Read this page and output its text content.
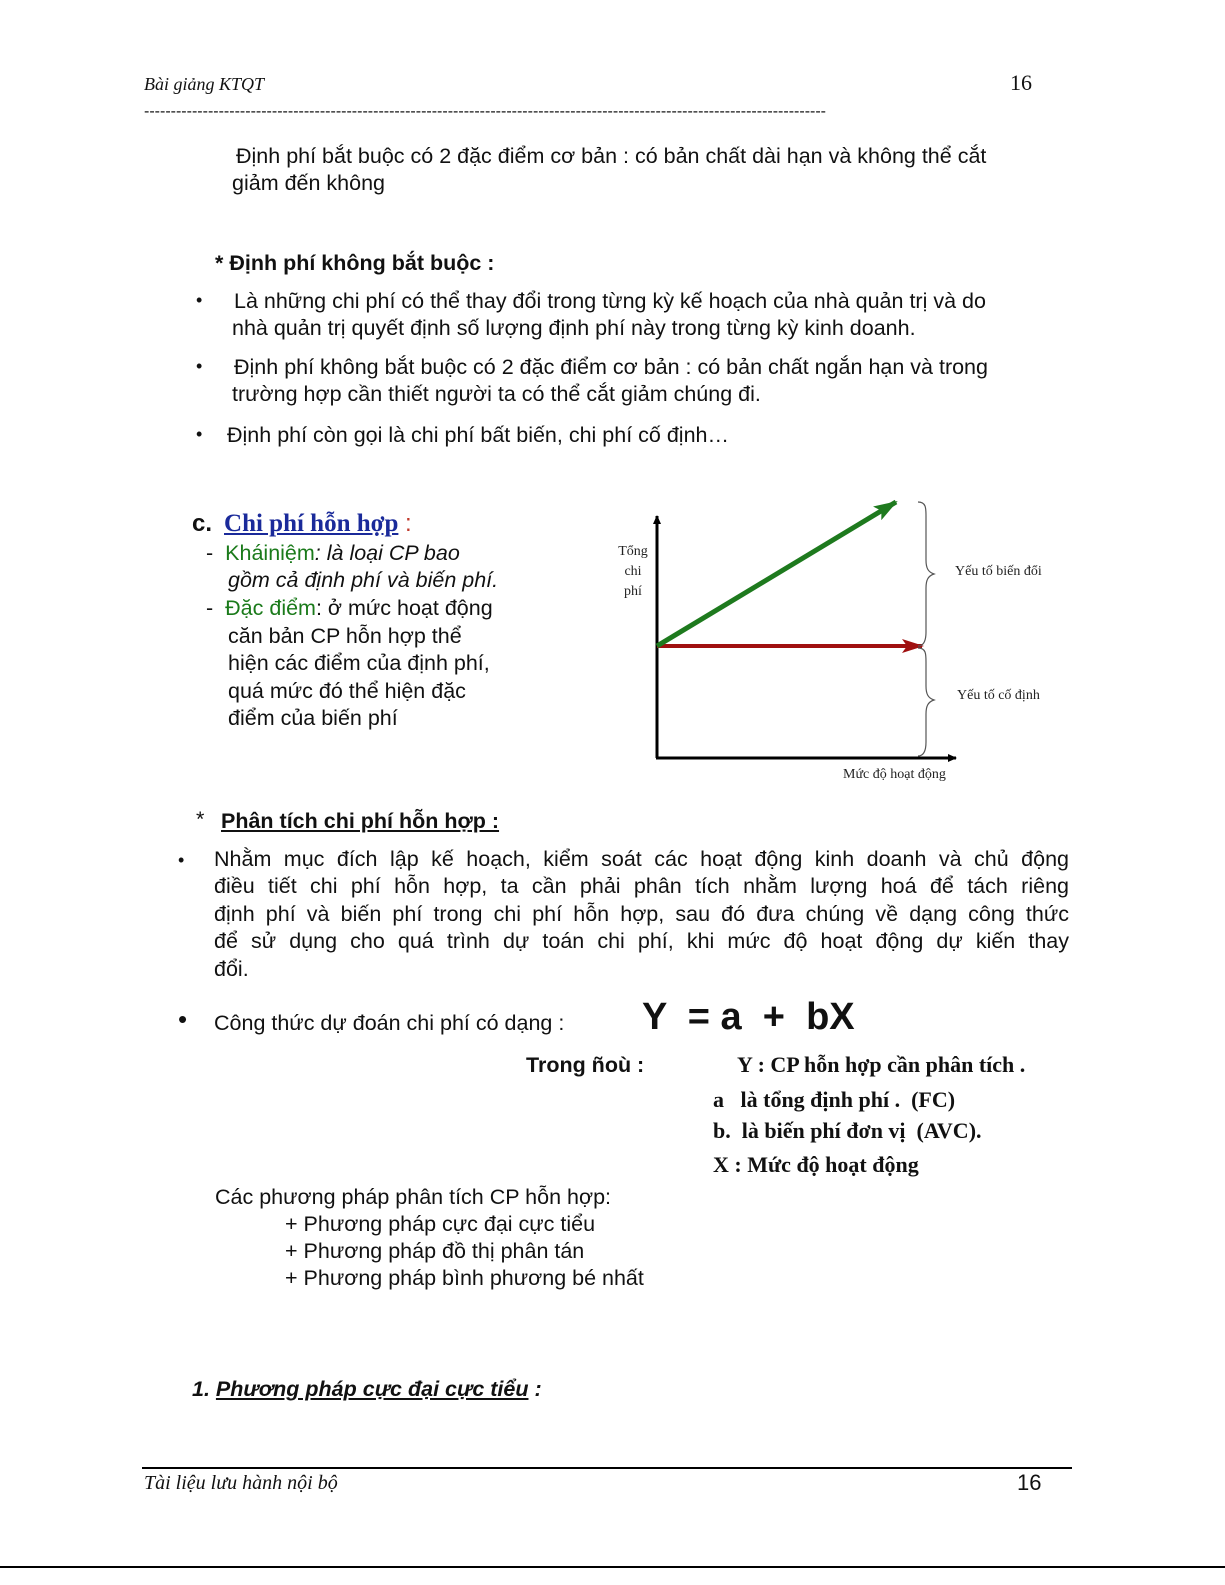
Bài giảng KTQT	16
--------------------------------------------------------------------------------------------------------------------------------
Định phí bắt buộc có 2 đặc điểm cơ bản : có bản chất dài hạn và không thể cắt
giảm đến không
* Định phí không bắt buộc :
• Là những chi phí có thể thay đổi trong từng kỳ kế hoạch của nhà quản trị và do
nhà quản trị quyết định số lượng định phí này trong từng kỳ kinh doanh.
• Định phí không bắt buộc có 2 đặc điểm cơ bản : có bản chất ngắn hạn và trong
trường hợp cần thiết người ta có thể cắt giảm chúng đi.
• Định phí còn gọi là chi phí bất biến, chi phí cố định…
c. Chi phí hỗn hợp :
- Kháiniệm: là loại CP bao
gồm cả định phí và biến phí.
- Đặc điểm: ở mức hoạt động
căn bản CP hỗn hợp thể
hiện các điểm của định phí,
quá mức đó thể hiện đặc
điểm của biến phí
Tổng
chi
phí
Yếu tố biến đổi
Yếu tố cố định
Mức độ hoạt động
* Phân tích chi phí hỗn hợp :
• Nhằm mục đích lập kế hoạch, kiểm soát các hoạt động kinh doanh và chủ động
điều tiết chi phí hỗn hợp, ta cần phải phân tích nhằm lượng hoá để tách riêng
định phí và biến phí trong chi phí hỗn hợp, sau đó đưa chúng về dạng công thức
để sử dụng cho quá trình dự toán chi phí, khi mức độ hoạt động dự kiến thay
đổi.
• Công thức dự đoán chi phí có dạng : Y  = a  +  bX
Trong ñoù :	Y : CP hỗn hợp cần phân tích .
a   là tổng định phí .  (FC)
b.  là biến phí đơn vị  (AVC).
X : Mức độ hoạt động
Các phương pháp phân tích CP hỗn hợp:
+ Phương pháp cực đại cực tiểu
+ Phương pháp đồ thị phân tán
+ Phương pháp bình phương bé nhất
1. Phương pháp cực đại cực tiểu :
Tài liệu lưu hành nội bộ	16
